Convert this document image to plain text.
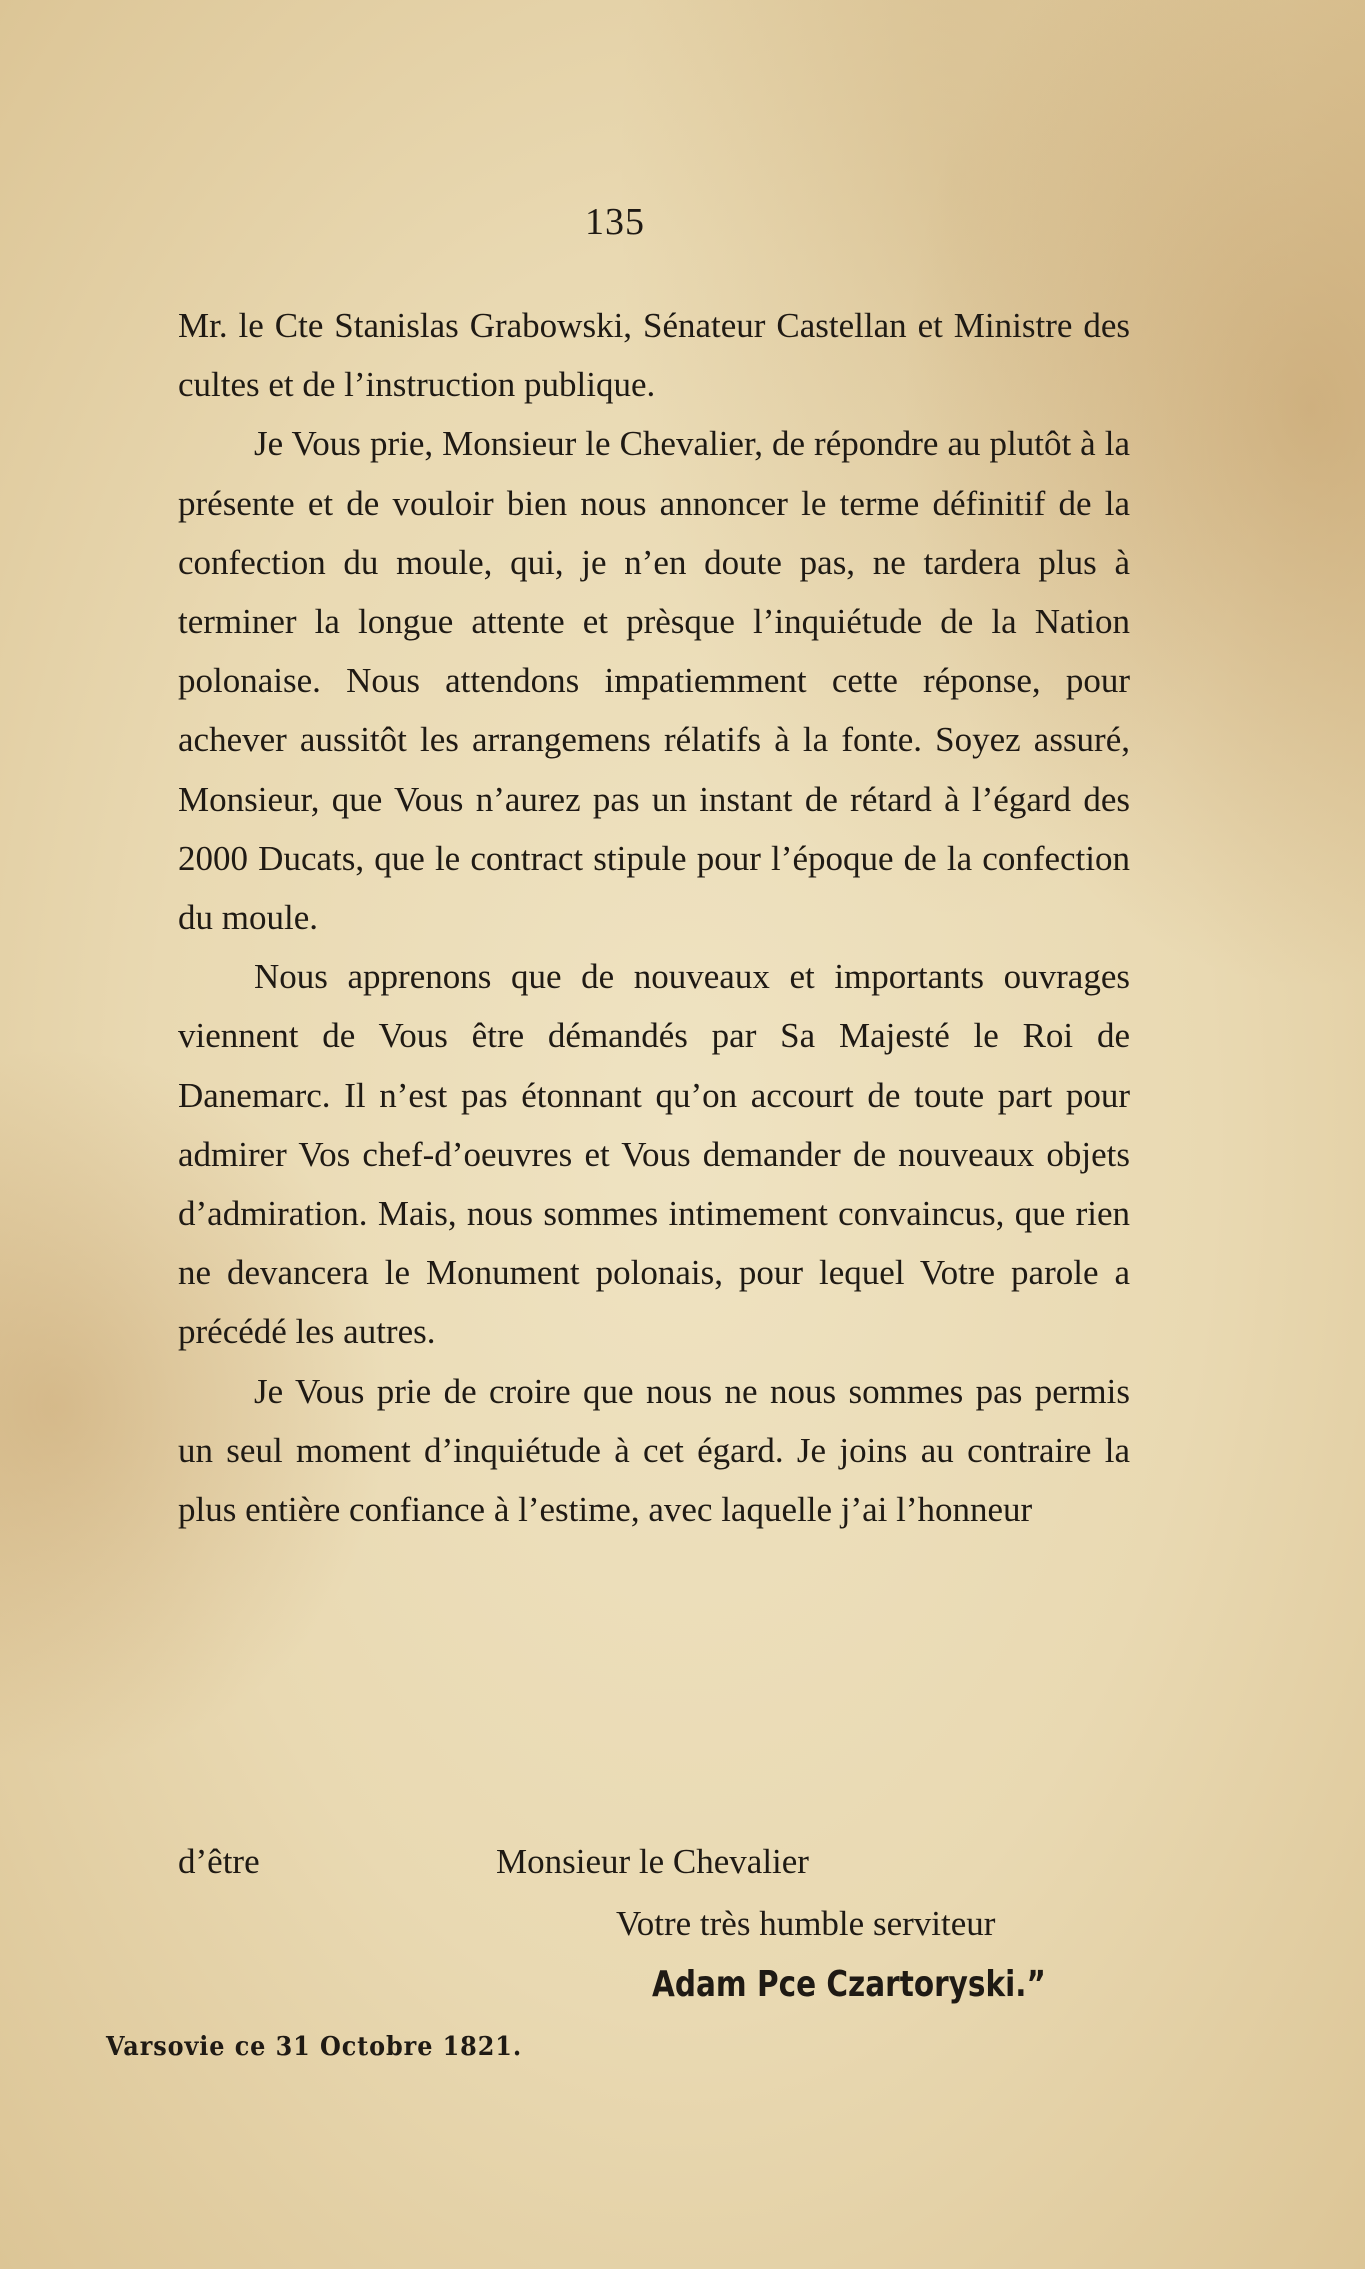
135

Mr. le Cte Stanislas Grabowski, Sénateur Castellan et Ministre des cultes et de l’instruction publique.

Je Vous prie, Monsieur le Chevalier, de répondre au plutôt à la présente et de vouloir bien nous annoncer le terme définitif de la confection du moule, qui, je n’en doute pas, ne tardera plus à terminer la longue attente et prèsque l’inquiétude de la Nation polonaise. Nous attendons impatiemment cette réponse, pour achever aussitôt les arrangemens rélatifs à la fonte. Soyez assuré, Monsieur, que Vous n’aurez pas un instant de rétard à l’égard des 2000 Ducats, que le contract stipule pour l’époque de la confection du moule.

Nous apprenons que de nouveaux et importants ouvrages viennent de Vous être démandés par Sa Majesté le Roi de Danemarc. Il n’est pas étonnant qu’on accourt de toute part pour admirer Vos chef-d’oeuvres et Vous demander de nouveaux objets d’admiration. Mais, nous sommes intimement convaincus, que rien ne devancera le Monument polonais, pour lequel Votre parole a précédé les autres.

Je Vous prie de croire que nous ne nous sommes pas permis un seul moment d’inquiétude à cet égard. Je joins au contraire la plus entière confiance à l’estime, avec laquelle j’ai l’honneur

d’être	Monsieur le Chevalier
Votre très humble serviteur
Adam Pce Czartoryski.”
Varsovie ce 31 Octobre 1821.
